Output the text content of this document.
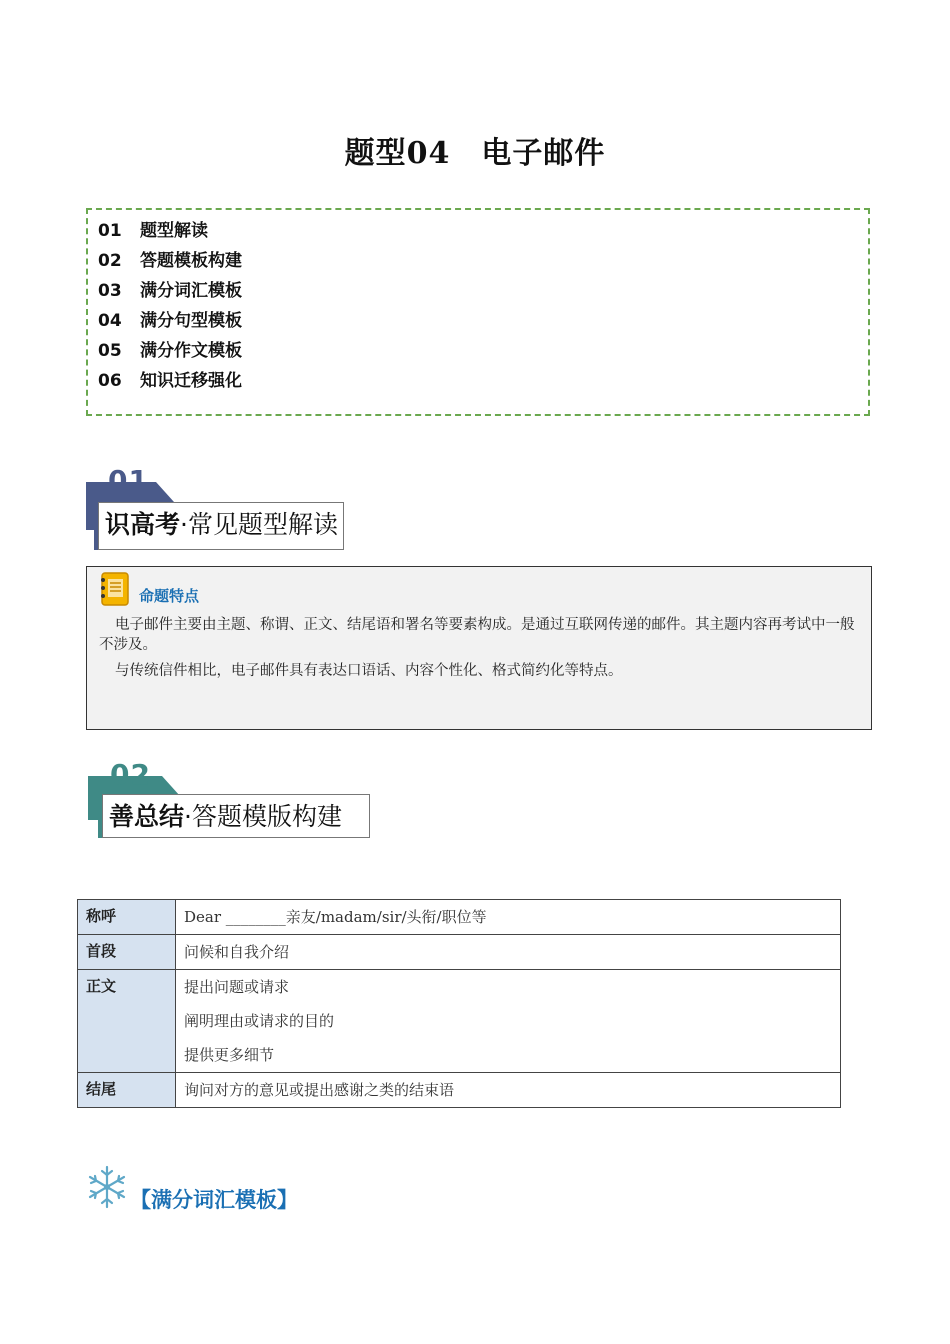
题型04　电子邮件
01 题型解读
02 答题模板构建
03 满分词汇模板
04 满分句型模板
05 满分作文模板
06 知识迁移强化
01
识高考·常见题型解读
命题特点
电子邮件主要由主题、称谓、正文、结尾语和署名等要素构成。是通过互联网传递的邮件。其主题内容再考试中一般不涉及。
与传统信件相比，电子邮件具有表达口语话、内容个性化、格式简约化等特点。
02
善总结·答题模版构建
称呼	Dear ________亲友/madam/sir/头衔/职位等

首段	问候和自我介绍

正文	提出问题或请求
阐明理由或请求的目的
提供更多细节

结尾	询问对方的意见或提出感谢之类的结束语
【满分词汇模板】
